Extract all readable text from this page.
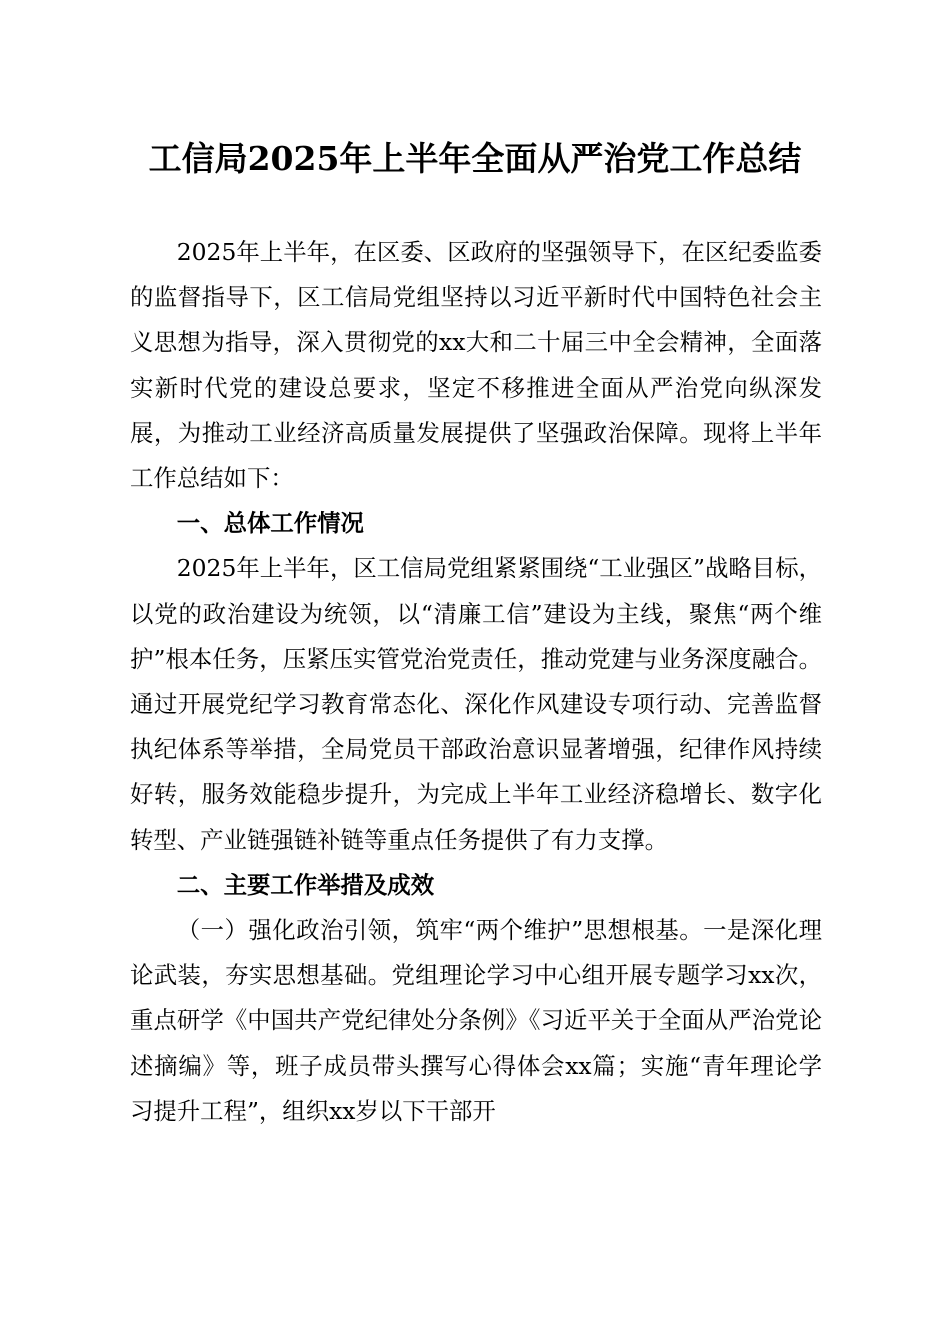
工信局2025年上半年全面从严治党工作总结

2025年上半年，在区委、区政府的坚强领导下，在区纪委监委的监督指导下，区工信局党组坚持以习近平新时代中国特色社会主义思想为指导，深入贯彻党的xx大和二十届三中全会精神，全面落实新时代党的建设总要求，坚定不移推进全面从严治党向纵深发展，为推动工业经济高质量发展提供了坚强政治保障。现将上半年工作总结如下：

一、总体工作情况

2025年上半年，区工信局党组紧紧围绕“工业强区”战略目标，以党的政治建设为统领，以“清廉工信”建设为主线，聚焦“两个维护”根本任务，压紧压实管党治党责任，推动党建与业务深度融合。通过开展党纪学习教育常态化、深化作风建设专项行动、完善监督执纪体系等举措，全局党员干部政治意识显著增强，纪律作风持续好转，服务效能稳步提升，为完成上半年工业经济稳增长、数字化转型、产业链强链补链等重点任务提供了有力支撑。

二、主要工作举措及成效

（一）强化政治引领，筑牢“两个维护”思想根基。一是深化理论武装，夯实思想基础。党组理论学习中心组开展专题学习xx次，重点研学《中国共产党纪律处分条例》《习近平关于全面从严治党论述摘编》等，班子成员带头撰写心得体会xx篇；实施“青年理论学习提升工程”，组织xx岁以下干部开
